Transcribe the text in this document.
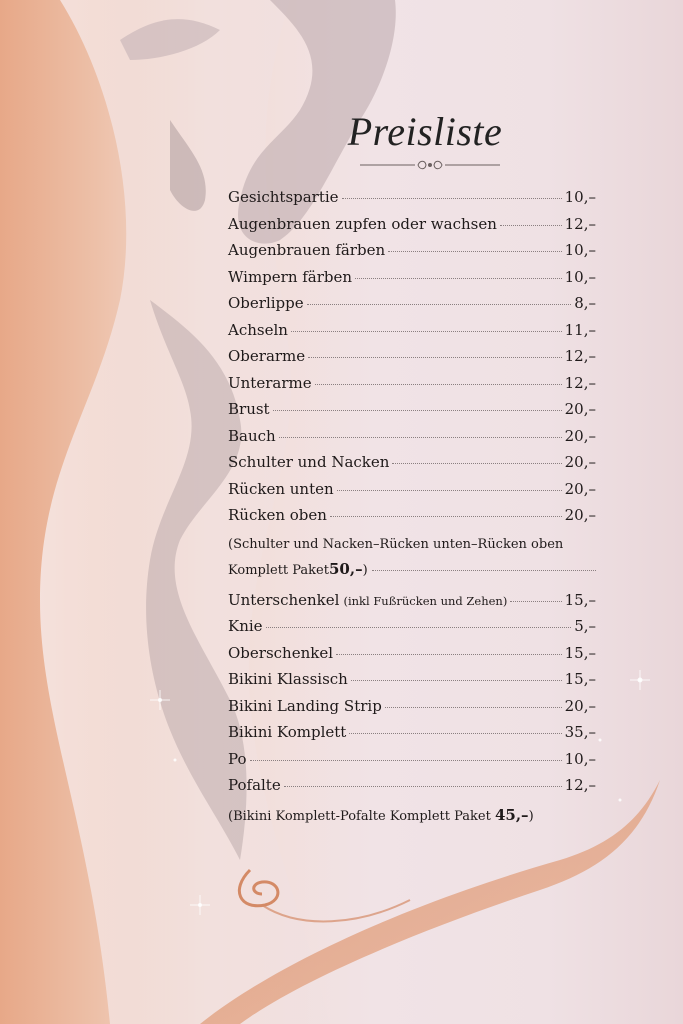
Preisliste
Gesichtspartie	10,–
Augenbrauen zupfen oder wachsen	12,–
Augenbrauen färben	10,–
Wimpern färben	10,–
Oberlippe	8,–
Achseln	11,–
Oberarme	12,–
Unterarme	12,–
Brust	20,–
Bauch	20,–
Schulter und Nacken	20,–
Rücken unten	20,–
Rücken oben	20,–
(Schulter und Nacken–Rücken unten–Rücken oben
Komplett Paket 50,– )
Unterschenkel (inkl Fußrücken und Zehen)	15,–
Knie	5,–
Oberschenkel	15,–
Bikini Klassisch	15,–
Bikini Landing Strip	20,–
Bikini Komplett	35,–
Po	10,–
Pofalte	12,–
(Bikini Komplett-Pofalte Komplett Paket 45,–)
